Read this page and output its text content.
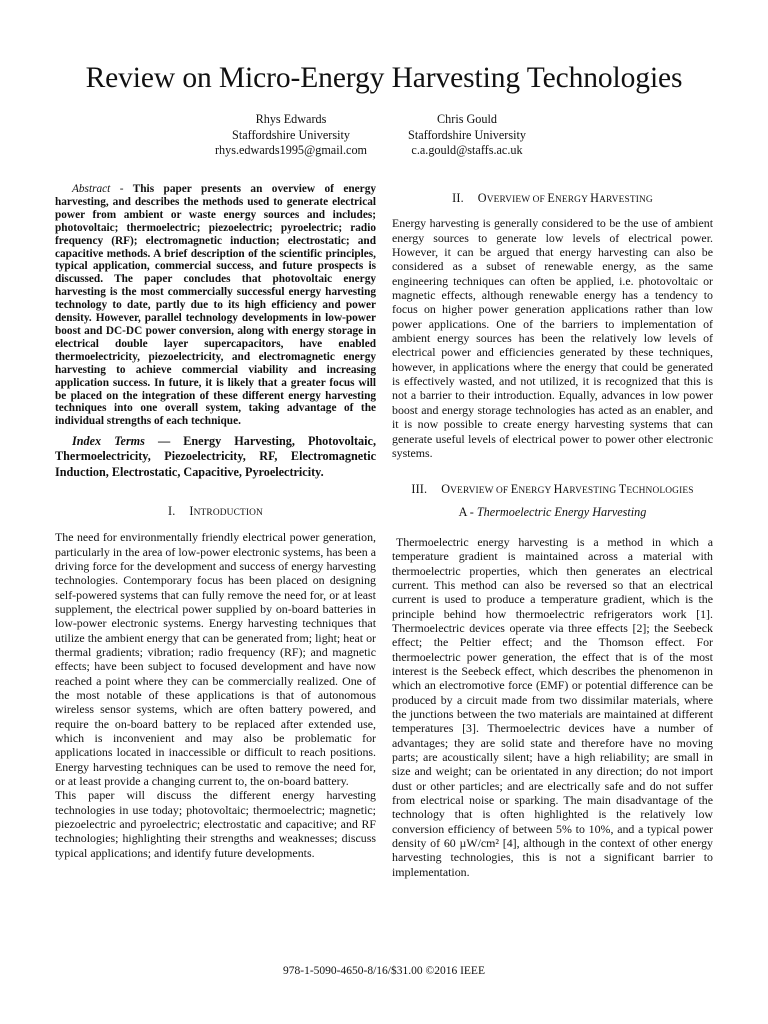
Review on Micro-Energy Harvesting Technologies
Rhys Edwards
Staffordshire University
rhys.edwards1995@gmail.com
Chris Gould
Staffordshire University
c.a.gould@staffs.ac.uk

Abstract - This paper presents an overview of energy harvesting, and describes the methods used to generate electrical power from ambient or waste energy sources and includes; photovoltaic; thermoelectric; piezoelectric; pyroelectric; radio frequency (RF); electromagnetic induction; electrostatic; and capacitive methods. A brief description of the scientific principles, typical application, commercial success, and future prospects is discussed. The paper concludes that photovoltaic energy harvesting is the most commercially successful energy harvesting technology to date, partly due to its high efficiency and power density. However, parallel technology developments in low-power boost and DC-DC power conversion, along with energy storage in electrical double layer supercapacitors, have enabled thermoelectricity, piezoelectricity, and electromagnetic energy harvesting to achieve commercial viability and increasing application success. In future, it is likely that a greater focus will be placed on the integration of these different energy harvesting techniques into one overall system, taking advantage of the individual strengths of each technique.

Index Terms — Energy Harvesting, Photovoltaic, Thermoelectricity, Piezoelectricity, RF, Electromagnetic Induction, Electrostatic, Capacitive, Pyroelectricity.

I. INTRODUCTION

The need for environmentally friendly electrical power generation, particularly in the area of low-power electronic systems, has been a driving force for the development and success of energy harvesting technologies. Contemporary focus has been placed on designing self-powered systems that can fully remove the need for, or at least supplement, the electrical power supplied by on-board batteries in low-power electronic systems. Energy harvesting techniques that utilize the ambient energy that can be generated from; light; heat or thermal gradients; vibration; radio frequency (RF); and magnetic effects; have been subject to focused development and have now reached a point where they can be commercially realized. One of the most notable of these applications is that of autonomous wireless sensor systems, which are often battery powered, and require the on-board battery to be replaced after extended use, which is inconvenient and may also be problematic for applications located in inaccessible or difficult to reach positions. Energy harvesting techniques can be used to remove the need for, or at least provide a changing current to, the on-board battery.

This paper will discuss the different energy harvesting technologies in use today; photovoltaic; thermoelectric; magnetic; piezoelectric and pyroelectric; electrostatic and capacitive; and RF technologies; highlighting their strengths and weaknesses; discuss typical applications; and identify future developments.

II. OVERVIEW OF ENERGY HARVESTING

Energy harvesting is generally considered to be the use of ambient energy sources to generate low levels of electrical power. However, it can be argued that energy harvesting can also be considered as a subset of renewable energy, as the same engineering techniques can often be applied, i.e. photovoltaic or magnetic effects, although renewable energy has a tendency to focus on higher power generation applications rather than low power applications. One of the barriers to implementation of ambient energy sources has been the relatively low levels of electrical power and efficiencies generated by these techniques, however, in applications where the energy that could be generated is effectively wasted, and not utilized, it is recognized that this is not a barrier to their introduction. Equally, advances in low power boost and energy storage technologies has acted as an enabler, and it is now possible to create energy harvesting systems that can generate useful levels of electrical power to power other electronic systems.

III. OVERVIEW OF ENERGY HARVESTING TECHNOLOGIES
A - Thermoelectric Energy Harvesting

Thermoelectric energy harvesting is a method in which a temperature gradient is maintained across a material with thermoelectric properties, which then generates an electrical current. This method can also be reversed so that an electrical current is used to produce a temperature gradient, which is the principle behind how thermoelectric refrigerators work [1]. Thermoelectric devices operate via three effects [2]; the Seebeck effect; the Peltier effect; and the Thomson effect. For thermoelectric power generation, the effect that is of the most interest is the Seebeck effect, which describes the phenomenon in which an electromotive force (EMF) or potential difference can be produced by a circuit made from two dissimilar materials, where the junctions between the two materials are maintained at different temperatures [3]. Thermoelectric devices have a number of advantages; they are solid state and therefore have no moving parts; are acoustically silent; have a high reliability; are small in size and weight; can be orientated in any direction; do not import dust or other particles; and are electrically safe and do not suffer from electrical noise or sparking. The main disadvantage of the technology that is often highlighted is the relatively low conversion efficiency of between 5% to 10%, and a typical power density of 60 µW/cm² [4], although in the context of other energy harvesting technologies, this is not a significant barrier to implementation.

978-1-5090-4650-8/16/$31.00 ©2016 IEEE
